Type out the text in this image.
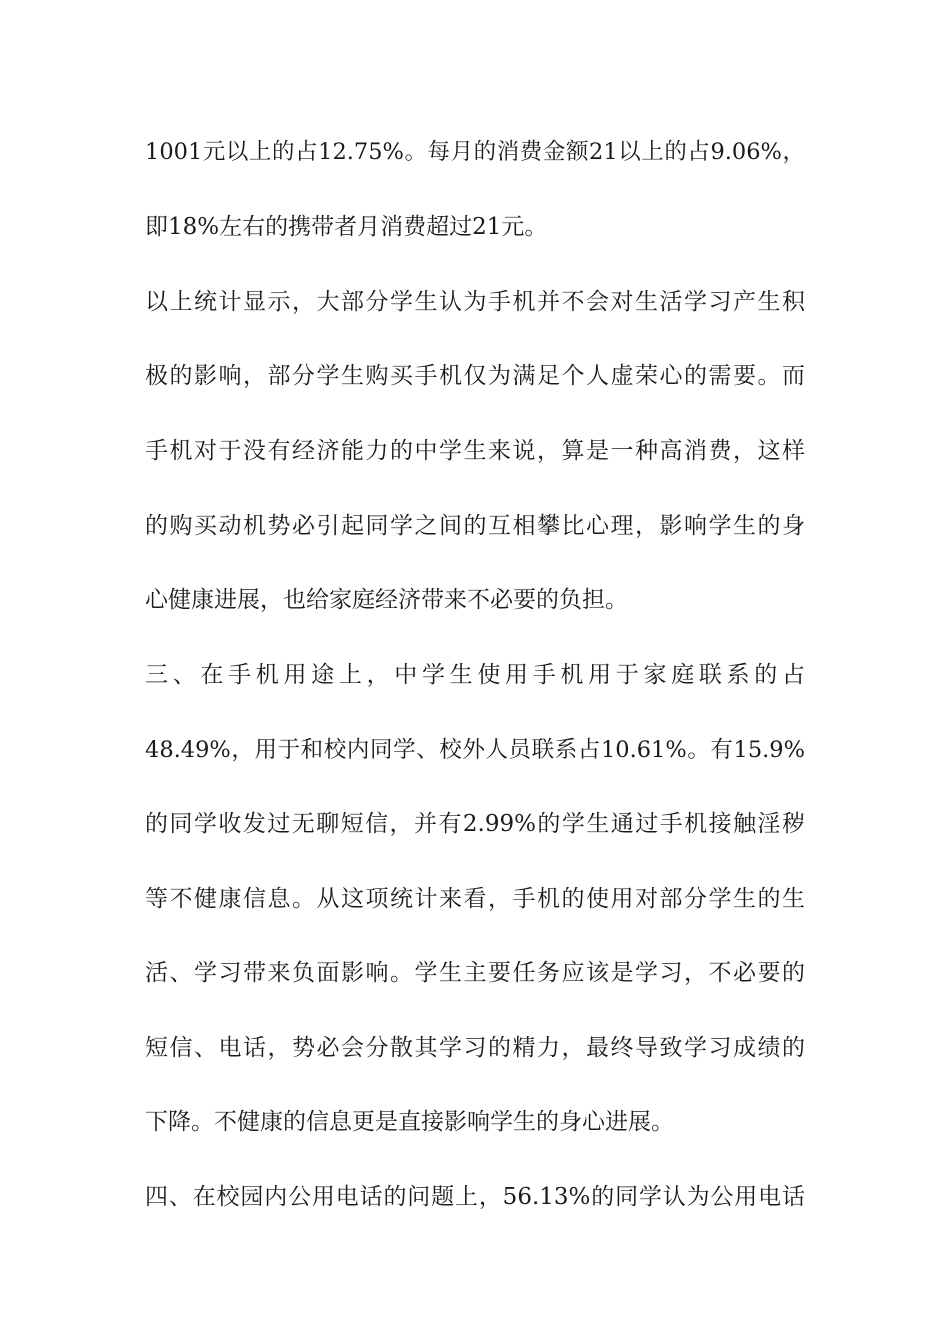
1001元以上的占12.75%。每月的消费金额21以上的占9.06%，
即18%左右的携带者月消费超过21元。
以上统计显示，大部分学生认为手机并不会对生活学习产生积
极的影响，部分学生购买手机仅为满足个人虚荣心的需要。而
手机对于没有经济能力的中学生来说，算是一种高消费，这样
的购买动机势必引起同学之间的互相攀比心理，影响学生的身
心健康进展，也给家庭经济带来不必要的负担。
三、在手机用途上，中学生使用手机用于家庭联系的占
48.49%，用于和校内同学、校外人员联系占10.61%。有15.9%
的同学收发过无聊短信，并有2.99%的学生通过手机接触淫秽
等不健康信息。从这项统计来看，手机的使用对部分学生的生
活、学习带来负面影响。学生主要任务应该是学习，不必要的
短信、电话，势必会分散其学习的精力，最终导致学习成绩的
下降。不健康的信息更是直接影响学生的身心进展。
四、在校园内公用电话的问题上，56.13%的同学认为公用电话
